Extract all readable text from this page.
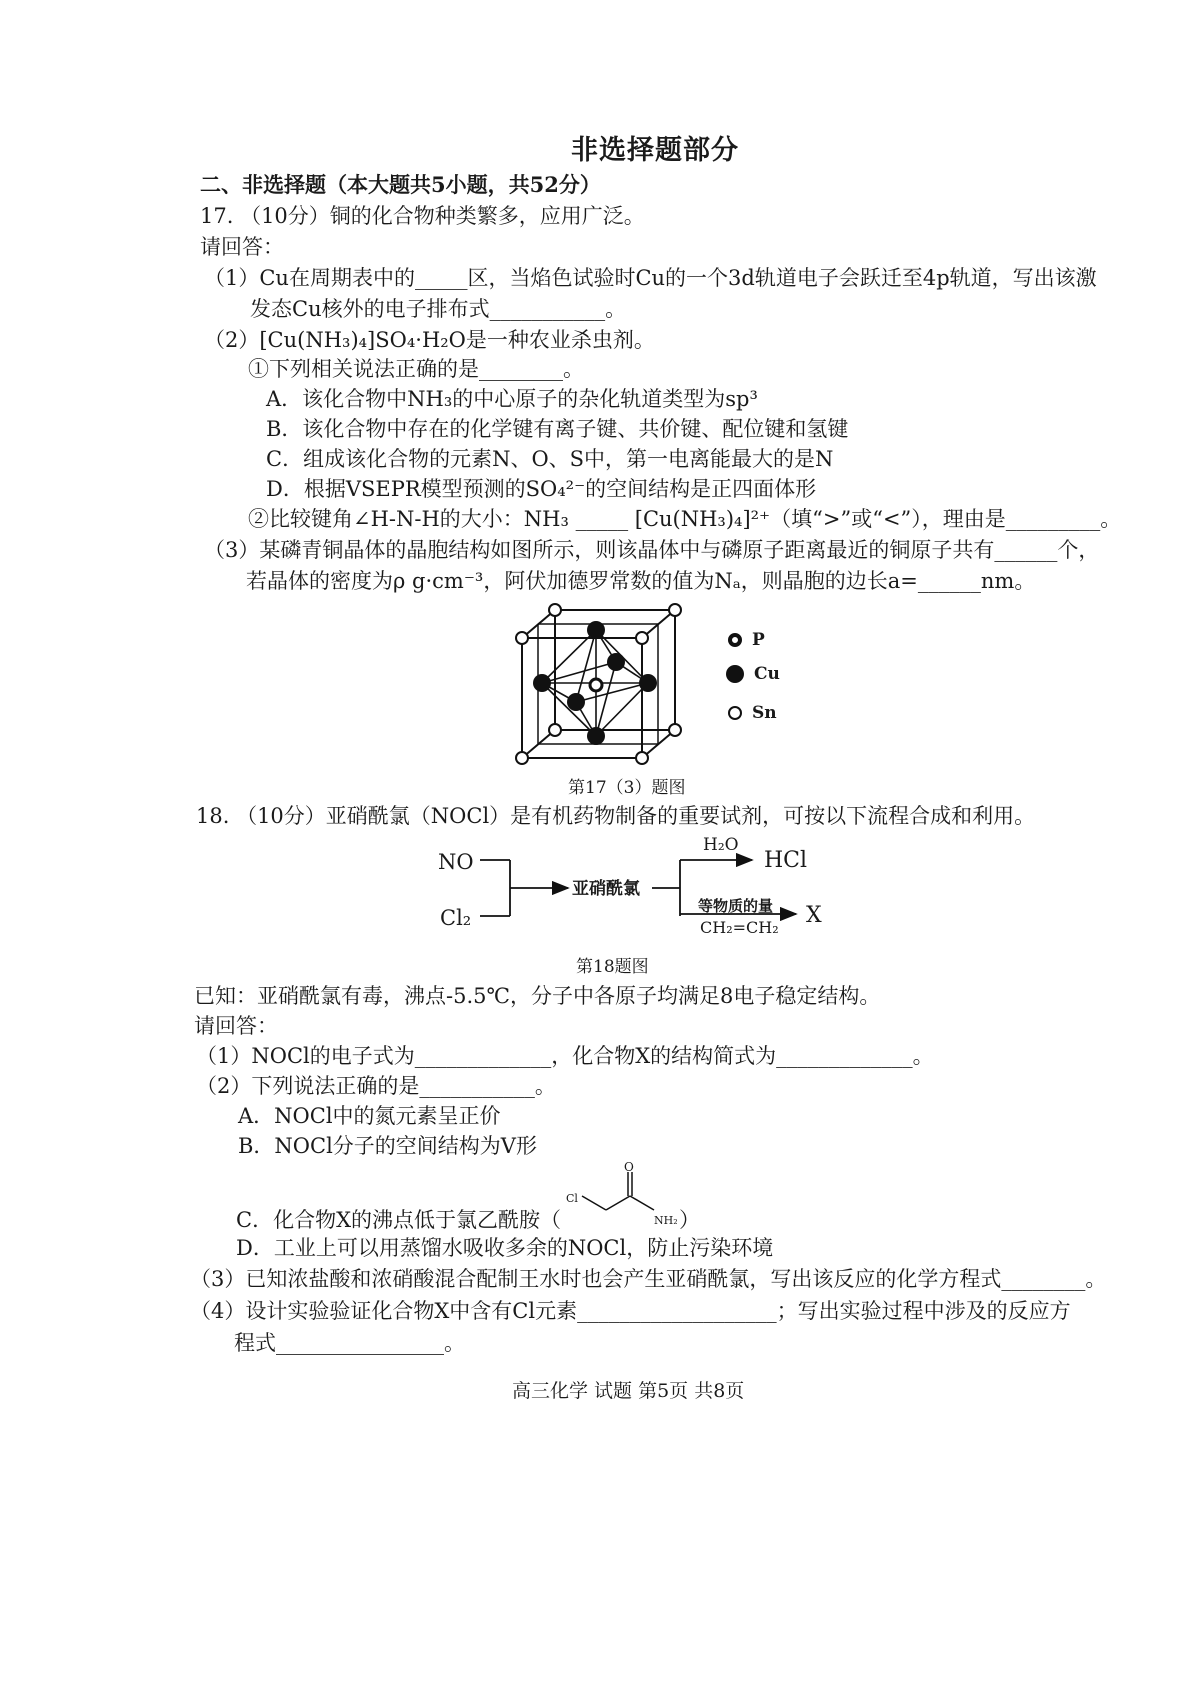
非选择题部分
二、非选择题（本大题共5小题，共52分）
17. （10分）铜的化合物种类繁多，应用广泛。
请回答：
（1）Cu在周期表中的_____区，当焰色试验时Cu的一个3d轨道电子会跃迁至4p轨道，写出该激
发态Cu核外的电子排布式___________。
（2）[Cu(NH₃)₄]SO₄·H₂O是一种农业杀虫剂。
①下列相关说法正确的是________。
A．该化合物中NH₃的中心原子的杂化轨道类型为sp³
B．该化合物中存在的化学键有离子键、共价键、配位键和氢键
C．组成该化合物的元素N、O、S中，第一电离能最大的是N
D．根据VSEPR模型预测的SO₄²⁻的空间结构是正四面体形
②比较键角∠H-N-H的大小：NH₃ _____ [Cu(NH₃)₄]²⁺（填“>”或“<”），理由是_________。
（3）某磷青铜晶体的晶胞结构如图所示，则该晶体中与磷原子距离最近的铜原子共有______个，
若晶体的密度为ρ g·cm⁻³，阿伏加德罗常数的值为Nₐ，则晶胞的边长a=______nm。
P
Cu
Sn
第17（3）题图
18. （10分）亚硝酰氯（NOCl）是有机药物制备的重要试剂，可按以下流程合成和利用。
NO
Cl₂
亚硝酰氯
H₂O
HCl
等物质的量
CH₂=CH₂ X
第18题图
已知：亚硝酰氯有毒，沸点-5.5℃，分子中各原子均满足8电子稳定结构。
请回答：
（1）NOCl的电子式为_____________，化合物X的结构简式为_____________。
（2）下列说法正确的是___________。
A．NOCl中的氮元素呈正价
B．NOCl分子的空间结构为V形
C．化合物X的沸点低于氯乙酰胺（	）
O
Cl
NH₂
D．工业上可以用蒸馏水吸收多余的NOCl，防止污染环境
（3）已知浓盐酸和浓硝酸混合配制王水时也会产生亚硝酰氯，写出该反应的化学方程式________。
（4）设计实验验证化合物X中含有Cl元素___________________；写出实验过程中涉及的反应方
程式________________。
高三化学 试题 第5页 共8页
